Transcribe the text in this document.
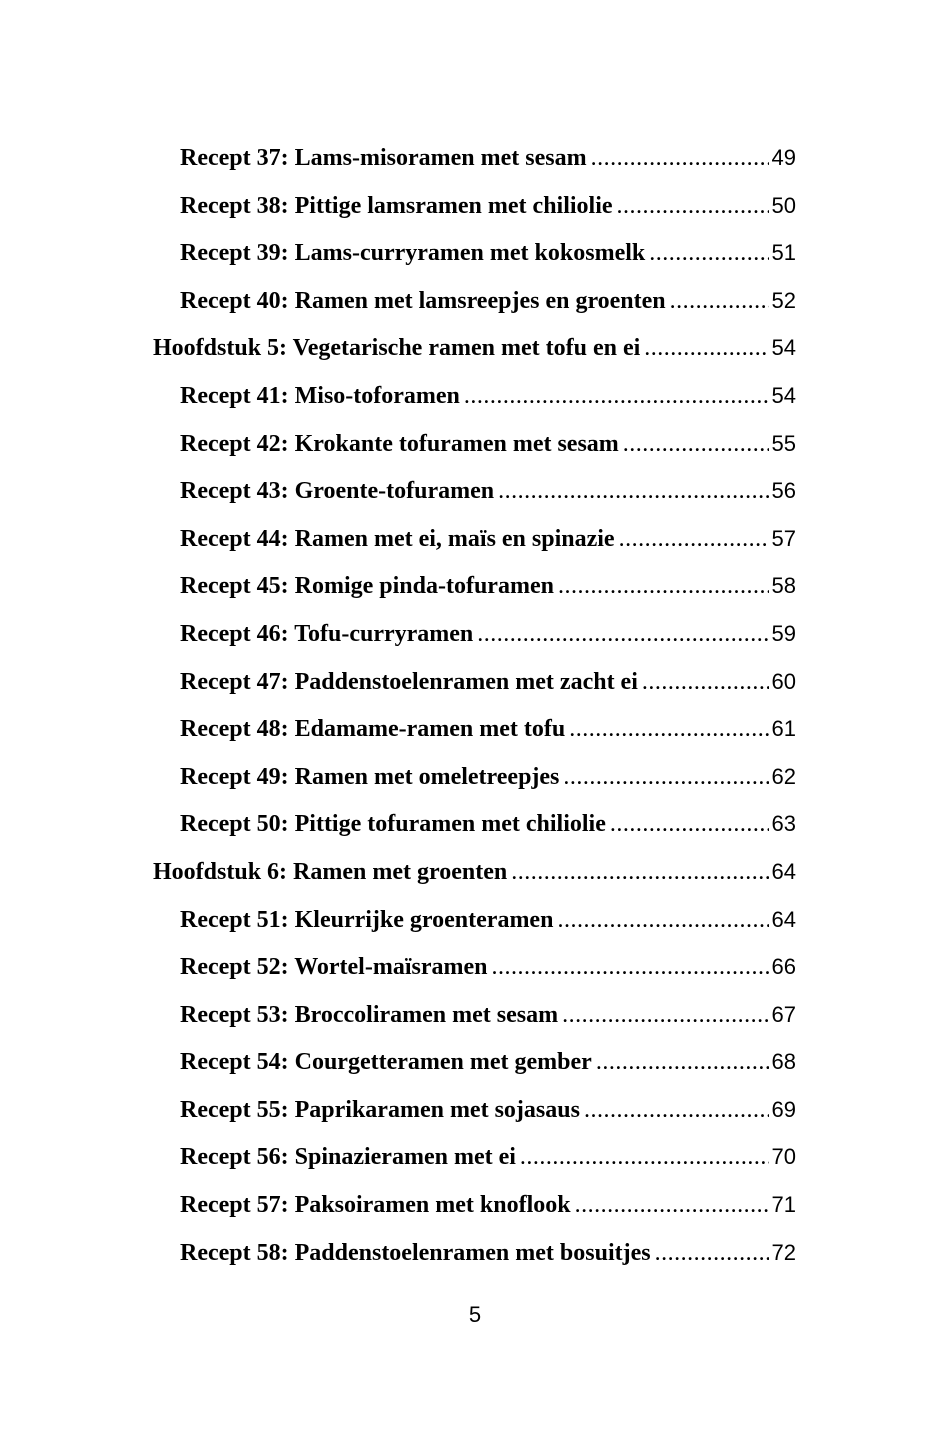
Recept 37: Lams-misoramen met sesam .....	49
Recept 38: Pittige lamsramen met chiliolie .....	50
Recept 39: Lams-curryramen met kokosmelk .....	51
Recept 40: Ramen met lamsreepjes en groenten .....	52
Hoofdstuk 5: Vegetarische ramen met tofu en ei .....	54
Recept 41: Miso-toforamen .....	54
Recept 42: Krokante tofuramen met sesam .....	55
Recept 43: Groente-tofuramen .....	56
Recept 44: Ramen met ei, maïs en spinazie .....	57
Recept 45: Romige pinda-tofuramen .....	58
Recept 46: Tofu-curryramen .....	59
Recept 47: Paddenstoelenramen met zacht ei .....	60
Recept 48: Edamame-ramen met tofu .....	61
Recept 49: Ramen met omeletreepjes .....	62
Recept 50: Pittige tofuramen met chiliolie .....	63
Hoofdstuk 6: Ramen met groenten .....	64
Recept 51: Kleurrijke groenteramen .....	64
Recept 52: Wortel-maïsramen .....	66
Recept 53: Broccoliramen met sesam .....	67
Recept 54: Courgetteramen met gember .....	68
Recept 55: Paprikaramen met sojasaus .....	69
Recept 56: Spinazieramen met ei .....	70
Recept 57: Paksoiramen met knoflook .....	71
Recept 58: Paddenstoelenramen met bosuitjes .....	72
5
